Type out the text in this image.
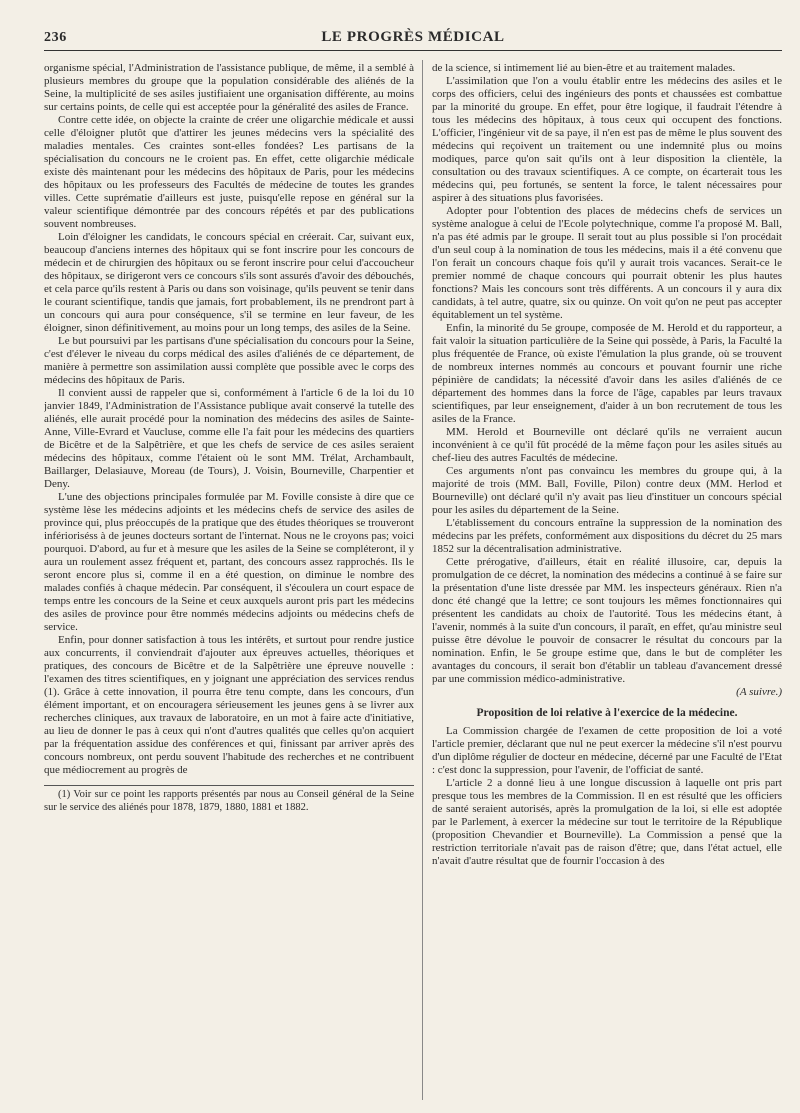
236	LE PROGRÈS MÉDICAL

organisme spécial, l'Administration de l'assistance publique, de même, il a semblé à plusieurs membres du groupe que la population considérable des aliénés de la Seine, la multiplicité de ses asiles justifiaient une organisation différente, au moins sur certains points, de celle qui est acceptée pour la généralité des asiles de France.

Contre cette idée, on objecte la crainte de créer une oligarchie médicale et aussi celle d'éloigner plutôt que d'attirer les jeunes médecins vers la spécialité des maladies mentales. Ces craintes sont-elles fondées? Les partisans de la spécialisation du concours ne le croient pas. En effet, cette oligarchie médicale existe dès maintenant pour les médecins des hôpitaux de Paris, pour les médecins des hôpitaux ou les professeurs des Facultés de médecine de toutes les grandes villes. Cette suprématie d'ailleurs est juste, puisqu'elle repose en général sur la valeur scientifique démontrée par des concours répétés et par des publications souvent nombreuses.

Loin d'éloigner les candidats, le concours spécial en créerait. Car, suivant eux, beaucoup d'anciens internes des hôpitaux qui se font inscrire pour les concours de médecin et de chirurgien des hôpitaux ou se feront inscrire pour celui d'accoucheur des hôpitaux, se dirigeront vers ce concours s'ils sont assurés d'avoir des débouchés, et cela parce qu'ils restent à Paris ou dans son voisinage, qu'ils peuvent se tenir dans le courant scientifique, tandis que jamais, fort probablement, ils ne prendront part à un concours qui aura pour conséquence, s'il se termine en leur faveur, de les éloigner, sinon définitivement, au moins pour un long temps, des asiles de la Seine.

Le but poursuivi par les partisans d'une spécialisation du concours pour la Seine, c'est d'élever le niveau du corps médical des asiles d'aliénés de ce département, de manière à permettre son assimilation aussi complète que possible avec le corps des médecins des hôpitaux de Paris.

Il convient aussi de rappeler que si, conformément à l'article 6 de la loi du 10 janvier 1849, l'Administration de l'Assistance publique avait conservé la tutelle des aliénés, elle aurait procédé pour la nomination des médecins des asiles de Sainte-Anne, Ville-Evrard et Vaucluse, comme elle l'a fait pour les médecins des quartiers de Bicêtre et de la Salpêtrière, et que les chefs de service de ces asiles seraient médecins des hôpitaux, comme l'étaient où le sont MM. Trélat, Archambault, Baillarger, Delasiauve, Moreau (de Tours), J. Voisin, Bourneville, Charpentier et Deny.

L'une des objections principales formulée par M. Foville consiste à dire que ce système lèse les médecins adjoints et les médecins chefs de service des asiles de province qui, plus préoccupés de la pratique que des études théoriques se trouveront inférioriséss à de jeunes docteurs sortant de l'internat. Nous ne le croyons pas; voici pourquoi. D'abord, au fur et à mesure que les asiles de la Seine se compléteront, il y aura un roulement assez fréquent et, partant, des concours assez rapprochés. Ils le seront encore plus si, comme il en a été question, on diminue le nombre des malades confiés à chaque médecin. Par conséquent, il s'écoulera un court espace de temps entre les concours de la Seine et ceux auxquels auront pris part les médecins des asiles de province pour être nommés médecins adjoints ou médecins chefs de service.

Enfin, pour donner satisfaction à tous les intérêts, et surtout pour rendre justice aux concurrents, il conviendrait d'ajouter aux épreuves actuelles, théoriques et pratiques, des concours de Bicêtre et de la Salpêtrière une épreuve nouvelle : l'examen des titres scientifiques, en y joignant une appréciation des services rendus (1). Grâce à cette innovation, il pourra être tenu compte, dans les concours, d'un élément important, et on encouragera sérieusement les jeunes gens à se livrer aux recherches cliniques, aux travaux de laboratoire, en un mot à faire acte d'initiative, au lieu de donner le pas à ceux qui n'ont d'autres qualités que celles qu'on acquiert par la fréquentation assidue des conférences et qui, finissant par arriver après des concours nombreux, ont perdu souvent l'habitude des recherches et ne contribuent que médiocrement au progrès de

(1) Voir sur ce point les rapports présentés par nous au Conseil général de la Seine sur le service des aliénés pour 1878, 1879, 1880, 1881 et 1882.

de la science, si intimement lié au bien-être et au traitement malades.

L'assimilation que l'on a voulu établir entre les médecins des asiles et le corps des officiers, celui des ingénieurs des ponts et chaussées est combattue par la minorité du groupe. En effet, pour être logique, il faudrait l'étendre à tous les médecins des hôpitaux, à tous ceux qui occupent des fonctions. L'officier, l'ingénieur vit de sa paye, il n'en est pas de même le plus souvent des médecins qui reçoivent un traitement ou une indemnité plus ou moins modiques, parce qu'on sait qu'ils ont à leur disposition la clientèle, la consultation ou des travaux scientifiques. A ce compte, on écarterait tous les médecins qui, peu fortunés, se sentent la force, le talent nécessaires pour aspirer à des situations plus favorisées.

Adopter pour l'obtention des places de médecins chefs de services un système analogue à celui de l'Ecole polytechnique, comme l'a proposé M. Ball, n'a pas été admis par le groupe. Il serait tout au plus possible si l'on procédait d'un seul coup à la nomination de tous les médecins, mais il a été convenu que l'on ferait un concours chaque fois qu'il y aurait trois vacances. Serait-ce le premier nommé de chaque concours qui pourrait obtenir les plus hautes fonctions? Mais les concours sont très différents. A un concours il y aura dix candidats, à tel autre, quatre, six ou quinze. On voit qu'on ne peut pas accepter équitablement un tel système.

Enfin, la minorité du 5e groupe, composée de M. Herold et du rapporteur, a fait valoir la situation particulière de la Seine qui possède, à Paris, la Faculté la plus fréquentée de France, où existe l'émulation la plus grande, où se trouvent de nombreux internes nommés au concours et pouvant fournir une riche pépinière de candidats; la nécessité d'avoir dans les asiles d'aliénés de ce département des hommes dans la force de l'âge, capables par leurs travaux scientifiques, par leur enseignement, d'aider à un bon recrutement de tous les asiles de la France.

MM. Herold et Bourneville ont déclaré qu'ils ne verraient aucun inconvénient à ce qu'il fût procédé de la même façon pour les asiles situés au chef-lieu des autres Facultés de médecine.

Ces arguments n'ont pas convaincu les membres du groupe qui, à la majorité de trois (MM. Ball, Foville, Pilon) contre deux (MM. Herlod et Bourneville) ont déclaré qu'il n'y avait pas lieu d'instituer un concours spécial pour les asiles du département de la Seine.

L'établissement du concours entraîne la suppression de la nomination des médecins par les préfets, conformément aux dispositions du décret du 25 mars 1852 sur la décentralisation administrative.

Cette prérogative, d'ailleurs, était en réalité illusoire, car, depuis la promulgation de ce décret, la nomination des médecins a continué à se faire sur la présentation d'une liste dressée par MM. les inspecteurs généraux. Rien n'a donc été changé que la lettre; ce sont toujours les mêmes fonctionnaires qui présentent les candidats au choix de l'autorité. Tous les médecins étant, à l'avenir, nommés à la suite d'un concours, il paraît, en effet, qu'au ministre seul puisse être dévolue le pouvoir de consacrer le résultat du concours par la nomination. Enfin, le 5e groupe estime que, dans le but de compléter les avantages du concours, il serait bon d'établir un tableau d'avancement dressé par une commission médico-administrative.

(A suivre.)

Proposition de loi relative à l'exercice de la médecine.

La Commission chargée de l'examen de cette proposition de loi a voté l'article premier, déclarant que nul ne peut exercer la médecine s'il n'est pourvu d'un diplôme régulier de docteur en médecine, décerné par une Faculté de l'Etat : c'est donc la suppression, pour l'avenir, de l'officiat de santé.

L'article 2 a donné lieu à une longue discussion à laquelle ont pris part presque tous les membres de la Commission. Il en est résulté que les officiers de santé seraient autorisés, après la promulgation de la loi, si elle est adoptée par le Parlement, à exercer la médecine sur tout le territoire de la République (proposition Chevandier et Bourneville). La Commission a pensé que la restriction territoriale n'avait pas de raison d'être; que, dans l'état actuel, elle n'avait d'autre résultat que de fournir l'occasion à des
